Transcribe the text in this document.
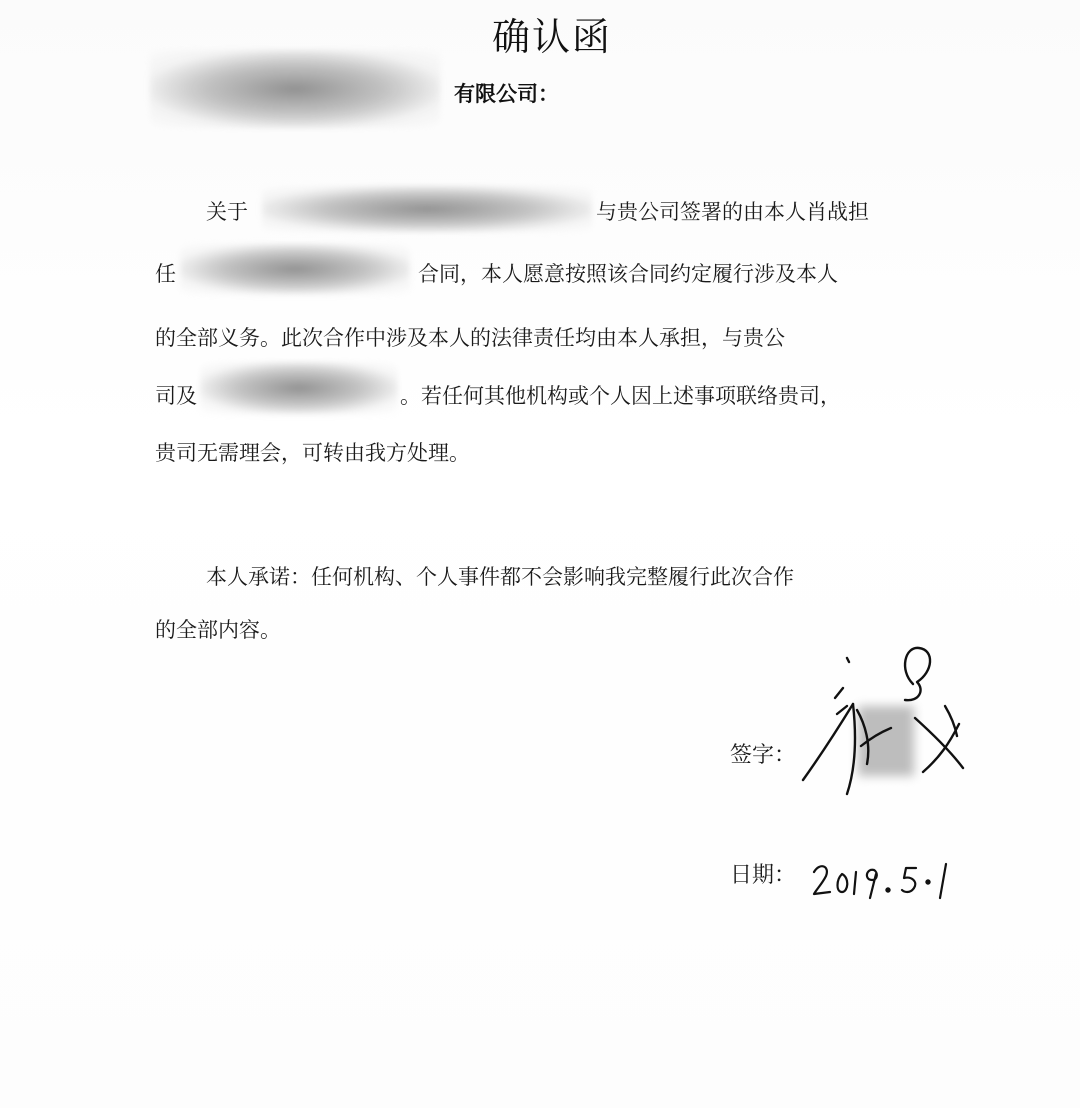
确认函
有限公司：
关于	与贵公司签署的由本人肖战担
任	合同，本人愿意按照该合同约定履行涉及本人
的全部义务。此次合作中涉及本人的法律责任均由本人承担，与贵公
司及	。若任何其他机构或个人因上述事项联络贵司，
贵司无需理会，可转由我方处理。
本人承诺：任何机构、个人事件都不会影响我完整履行此次合作
的全部内容。
签字：
日期：
